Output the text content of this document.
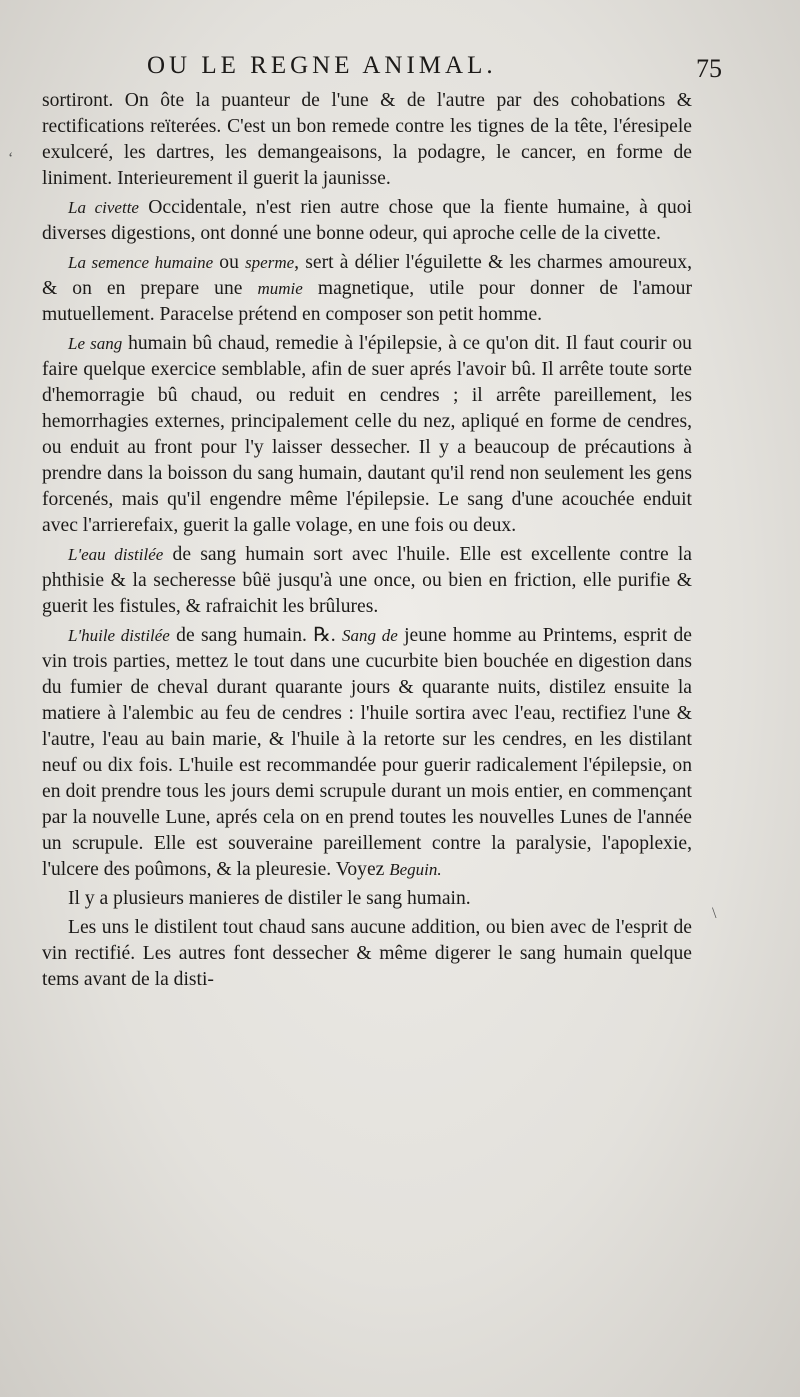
OU LE REGNE ANIMAL.	75
ʻ
\

sortiront. On ôte la puanteur de l'une & de l'autre par des cohobations & rectifications reïterées. C'est un bon remede contre les tignes de la tête, l'éresipele exulceré, les dartres, les demangeaisons, la podagre, le cancer, en forme de liniment. Interieurement il guerit la jaunisse.

La civette Occidentale, n'est rien autre chose que la fiente humaine, à quoi diverses digestions, ont donné une bonne odeur, qui aproche celle de la civette.

La semence humaine ou sperme, sert à délier l'éguilette & les charmes amoureux, & on en prepare une mumie magnetique, utile pour donner de l'amour mutuellement. Paracelse prétend en composer son petit homme.

Le sang humain bû chaud, remedie à l'épilepsie, à ce qu'on dit. Il faut courir ou faire quelque exercice semblable, afin de suer aprés l'avoir bû. Il arrête toute sorte d'hemorragie bû chaud, ou reduit en cendres ; il arrête pareillement, les hemorrhagies externes, principalement celle du nez, apliqué en forme de cendres, ou enduit au front pour l'y laisser dessecher. Il y a beaucoup de précautions à prendre dans la boisson du sang humain, dautant qu'il rend non seulement les gens forcenés, mais qu'il engendre même l'épilepsie. Le sang d'une acouchée enduit avec l'arrierefaix, guerit la galle volage, en une fois ou deux.

L'eau distilée de sang humain sort avec l'huile. Elle est excellente contre la phthisie & la secheresse bûë jusqu'à une once, ou bien en friction, elle purifie & guerit les fistules, & rafraichit les brûlures.

L'huile distilée de sang humain. ℞. Sang de jeune homme au Printems, esprit de vin trois parties, mettez le tout dans une cucurbite bien bouchée en digestion dans du fumier de cheval durant quarante jours & quarante nuits, distilez ensuite la matiere à l'alembic au feu de cendres : l'huile sortira avec l'eau, rectifiez l'une & l'autre, l'eau au bain marie, & l'huile à la retorte sur les cendres, en les distilant neuf ou dix fois. L'huile est recommandée pour guerir radicalement l'épilepsie, on en doit prendre tous les jours demi scrupule durant un mois entier, en commençant par la nouvelle Lune, aprés cela on en prend toutes les nouvelles Lunes de l'année un scrupule. Elle est souveraine pareillement contre la paralysie, l'apoplexie, l'ulcere des poûmons, & la pleuresie. Voyez Beguin.

Il y a plusieurs manieres de distiler le sang humain.

Les uns le distilent tout chaud sans aucune addition, ou bien avec de l'esprit de vin rectifié. Les autres font dessecher & même digerer le sang humain quelque tems avant de la disti-
